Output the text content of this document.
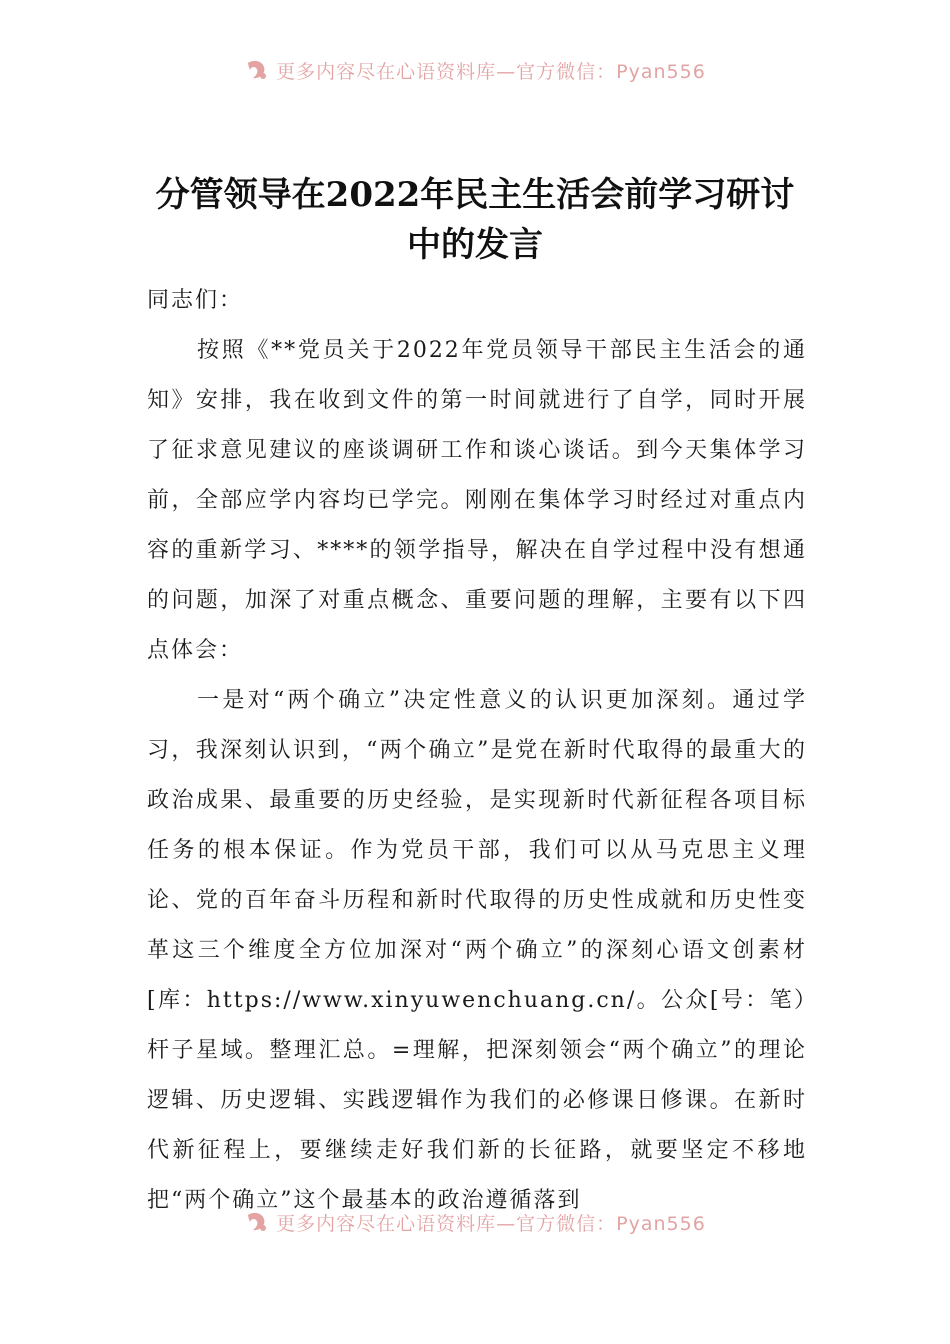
更多内容尽在心语资料库—官方微信：Pyan556
分管领导在2022年民主生活会前学习研讨中的发言

同志们：

按照《**党员关于2022年党员领导干部民主生活会的通知》安排，我在收到文件的第一时间就进行了自学，同时开展了征求意见建议的座谈调研工作和谈心谈话。到今天集体学习前，全部应学内容均已学完。刚刚在集体学习时经过对重点内容的重新学习、****的领学指导，解决在自学过程中没有想通的问题，加深了对重点概念、重要问题的理解，主要有以下四点体会：

一是对“两个确立”决定性意义的认识更加深刻。通过学习，我深刻认识到，“两个确立”是党在新时代取得的最重大的政治成果、最重要的历史经验，是实现新时代新征程各项目标任务的根本保证。作为党员干部，我们可以从马克思主义理论、党的百年奋斗历程和新时代取得的历史性成就和历史性变革这三个维度全方位加深对“两个确立”的深刻心语文创素材[库：https://www.xinyuwenchuang.cn/。公众[号：笔）杆子星域。整理汇总。=理解，把深刻领会“两个确立”的理论逻辑、历史逻辑、实践逻辑作为我们的必修课日修课。在新时代新征程上，要继续走好我们新的长征路，就要坚定不移地把“两个确立”这个最基本的政治遵循落到

更多内容尽在心语资料库—官方微信：Pyan556
